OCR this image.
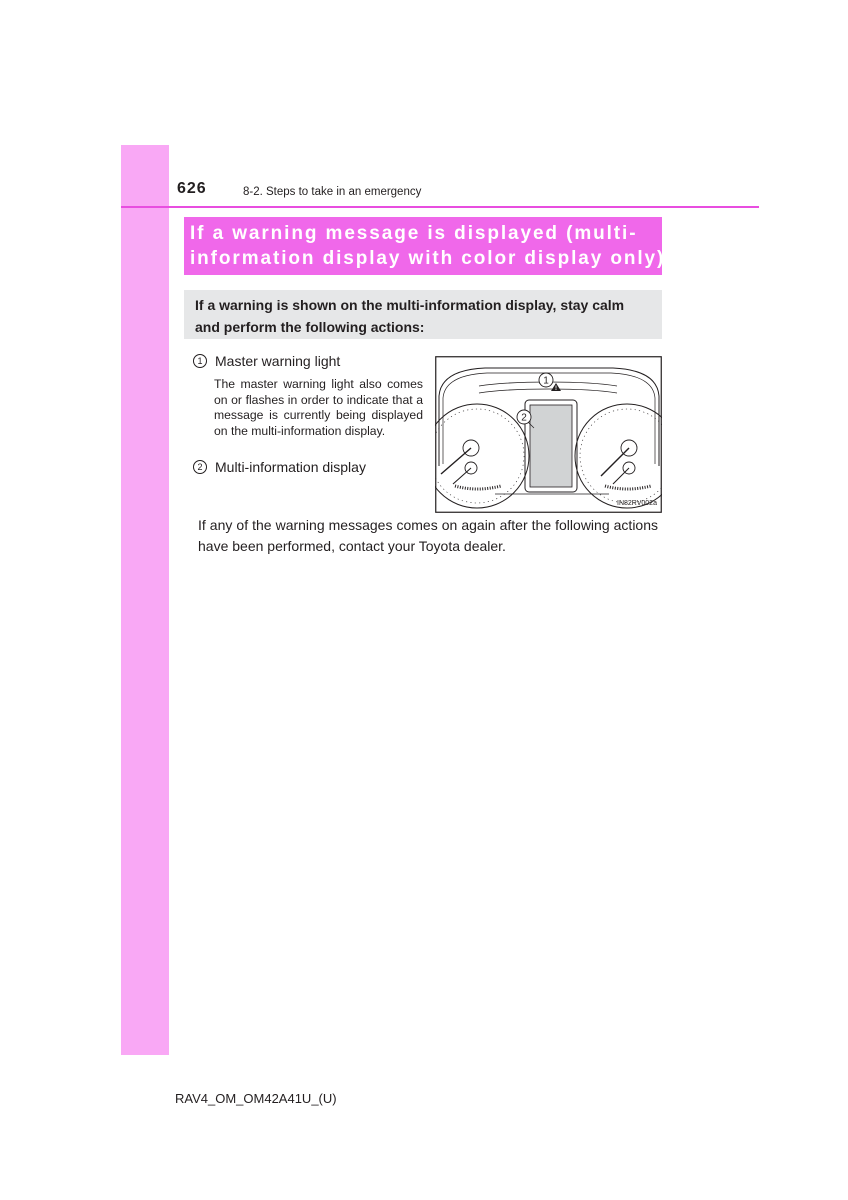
626	8-2. Steps to take in an emergency
If a warning message is displayed (multi-
information display with color display only)

If a warning is shown on the multi-information display, stay calm

and perform the following actions:

1 Master warning light

The master warning light also comes on or flashes in order to indicate that a message is currently being displayed on the multi-information display.

2 Multi-information display
!
1
2
IN82RV002a

If any of the warning messages comes on again after the following actions have been performed, contact your Toyota dealer.

RAV4_OM_OM42A41U_(U)
